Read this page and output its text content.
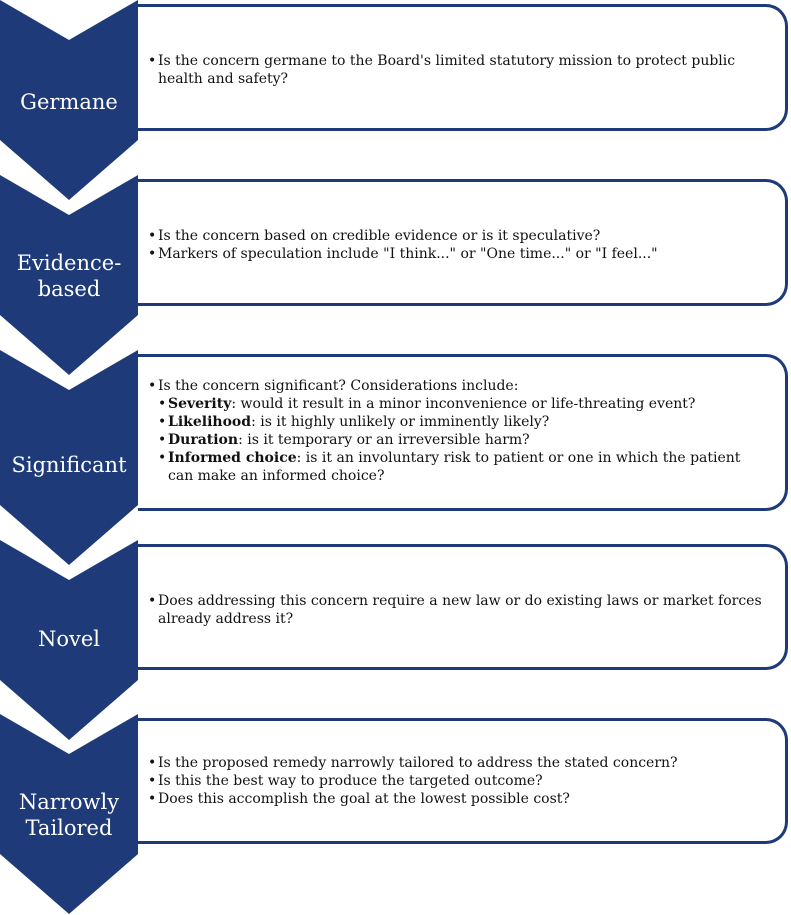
Germane
• Is the concern germane to the Board's limited statutory mission to protect public health and safety?
Evidence-
based
• Is the concern based on credible evidence or is it speculative?
• Markers of speculation include "I think..." or "One time..." or "I feel..."
Significant
• Is the concern significant? Considerations include:
• Severity: would it result in a minor inconvenience or life-threating event?
• Likelihood: is it highly unlikely or imminently likely?
• Duration: is it temporary or an irreversible harm?
• Informed choice: is it an involuntary risk to patient or one in which the patient can make an informed choice?
Novel
• Does addressing this concern require a new law or do existing laws or market forces already address it?
Narrowly
Tailored
• Is the proposed remedy narrowly tailored to address the stated concern?
• Is this the best way to produce the targeted outcome?
• Does this accomplish the goal at the lowest possible cost?
